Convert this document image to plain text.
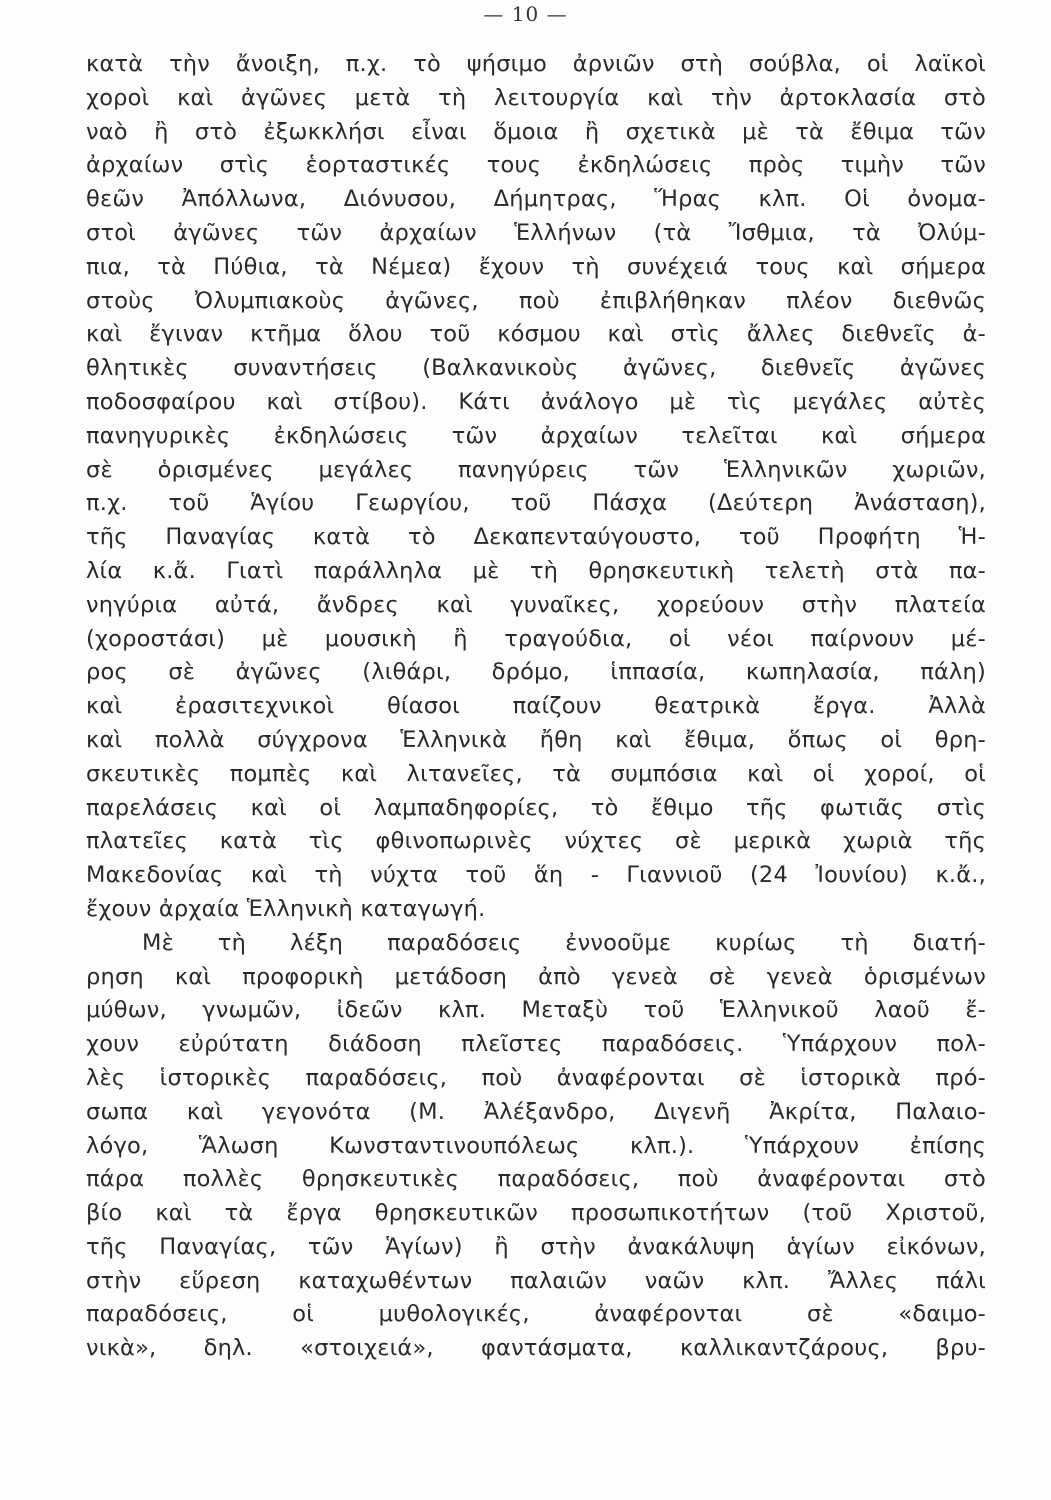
— 10 —
κατὰ τὴν ἄνοιξη, π.χ. τὸ ψήσιμο ἀρνιῶν στὴ σούβλα, οἱ λαϊκοὶ
χοροὶ καὶ ἀγῶνες μετὰ τὴ λειτουργία καὶ τὴν ἀρτοκλασία στὸ
ναὸ ἢ στὸ ἐξωκκλήσι εἶναι ὅμοια ἢ σχετικὰ μὲ τὰ ἔθιμα τῶν
ἀρχαίων στὶς ἑορταστικές τους ἐκδηλώσεις πρὸς τιμὴν τῶν
θεῶν Ἀπόλλωνα, Διόνυσου, Δήμητρας, Ἥρας κλπ. Οἱ ὀνομα-
στοὶ ἀγῶνες τῶν ἀρχαίων Ἑλλήνων (τὰ Ἴσθμια, τὰ Ὀλύμ-
πια, τὰ Πύθια, τὰ Νέμεα) ἔχουν τὴ συνέχειά τους καὶ σήμερα
στοὺς Ὀλυμπιακοὺς ἀγῶνες, ποὺ ἐπιβλήθηκαν πλέον διεθνῶς
καὶ ἔγιναν κτῆμα ὅλου τοῦ κόσμου καὶ στὶς ἄλλες διεθνεῖς ἀ-
θλητικὲς συναντήσεις (Βαλκανικοὺς ἀγῶνες, διεθνεῖς ἀγῶνες
ποδοσφαίρου καὶ στίβου). Κάτι ἀνάλογο μὲ τὶς μεγάλες αὐτὲς
πανηγυρικὲς ἐκδηλώσεις τῶν ἀρχαίων τελεῖται καὶ σήμερα
σὲ ὁρισμένες μεγάλες πανηγύρεις τῶν Ἑλληνικῶν χωριῶν,
π.χ. τοῦ Ἁγίου Γεωργίου, τοῦ Πάσχα (Δεύτερη Ἀνάσταση),
τῆς Παναγίας κατὰ τὸ Δεκαπενταύγουστο, τοῦ Προφήτη Ἡ-
λία κ.ἄ. Γιατὶ παράλληλα μὲ τὴ θρησκευτικὴ τελετὴ στὰ πα-
νηγύρια αὐτά, ἄνδρες καὶ γυναῖκες, χορεύουν στὴν πλατεία
(χοροστάσι) μὲ μουσικὴ ἢ τραγούδια, οἱ νέοι παίρνουν μέ-
ρος σὲ ἀγῶνες (λιθάρι, δρόμο, ἱππασία, κωπηλασία, πάλη)
καὶ ἐρασιτεχνικοὶ θίασοι παίζουν θεατρικὰ ἔργα. Ἀλλὰ
καὶ πολλὰ σύγχρονα Ἑλληνικὰ ἤθη καὶ ἔθιμα, ὅπως οἱ θρη-
σκευτικὲς πομπὲς καὶ λιτανεῖες, τὰ συμπόσια καὶ οἱ χοροί, οἱ
παρελάσεις καὶ οἱ λαμπαδηφορίες, τὸ ἔθιμο τῆς φωτιᾶς στὶς
πλατεῖες κατὰ τὶς φθινοπωρινὲς νύχτες σὲ μερικὰ χωριὰ τῆς
Μακεδονίας καὶ τὴ νύχτα τοῦ ἅη - Γιαννιοῦ (24 Ἰουνίου) κ.ἄ.,
ἔχουν ἀρχαία Ἑλληνικὴ καταγωγή.
Μὲ τὴ λέξη παραδόσεις ἐννοοῦμε κυρίως τὴ διατή-
ρηση καὶ προφορικὴ μετάδοση ἀπὸ γενεὰ σὲ γενεὰ ὁρισμένων
μύθων, γνωμῶν, ἰδεῶν κλπ. Μεταξὺ τοῦ Ἑλληνικοῦ λαοῦ ἔ-
χουν εὐρύτατη διάδοση πλεῖστες παραδόσεις. Ὑπάρχουν πολ-
λὲς ἱστορικὲς παραδόσεις, ποὺ ἀναφέρονται σὲ ἱστορικὰ πρό-
σωπα καὶ γεγονότα (Μ. Ἀλέξανδρο, Διγενῆ Ἀκρίτα, Παλαιο-
λόγο, Ἅλωση Κωνσταντινουπόλεως κλπ.). Ὑπάρχουν ἐπίσης
πάρα πολλὲς θρησκευτικὲς παραδόσεις, ποὺ ἀναφέρονται στὸ
βίο καὶ τὰ ἔργα θρησκευτικῶν προσωπικοτήτων (τοῦ Χριστοῦ,
τῆς Παναγίας, τῶν Ἁγίων) ἢ στὴν ἀνακάλυψη ἁγίων εἰκόνων,
στὴν εὕρεση καταχωθέντων παλαιῶν ναῶν κλπ. Ἄλλες πάλι
παραδόσεις, οἱ μυθολογικές, ἀναφέρονται σὲ «δαιμο-
νικὰ», δηλ. «στοιχειά», φαντάσματα, καλλικαντζάρους, βρυ-
